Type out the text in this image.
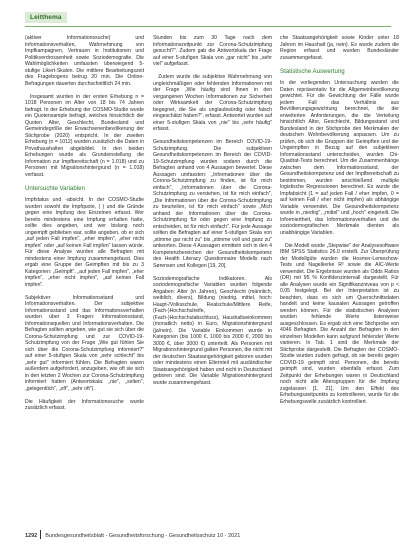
Leitthema

(aktiver Informationssuche) und Informationsverhalten, Wahrnehmung von Impfkampagnen, Vertrauen in Institutionen und Politikverdrossenheit sowie Soziodemografie. Die Wahlmöglichkeiten umfassten überwiegend 5-stufige Likert-Skalen. Die mittlere Bearbeitungszeit des Fragebogens betrug 20 min. Die Online-Befragungen dauerten durchschnittlich 24 min.

Insgesamt wurden in der ersten Erhebung n = 1018 Personen im Alter von 18 bis 74 Jahren befragt. In der Erhebung der COSMO-Studie wurde ein Quotensample befragt, welches hinsichtlich der Quoten Alter, Geschlecht, Bundesland und Gemeindegröße der Erwachsenenbevölkerung der Stichprobe (2020) entspricht. In der zweiten Erhebung (n = 1012) wurden zusätzlich die Daten in Privathaushalten abgebildet. In den beiden Erhebungen wurde als Grundeinstellung die Information zur Impfbereitschaft (n = 1.018) und zu Personen mit Migrationshintergrund (n = 1.018) verfasst.

Untersuchte Variablen

Impfstatus und -absicht. In der COSMO-Studie wurden sowohl die Impfquote, ( ) und die Gründe gegen eine Impfung des Einzelnen erfasst. Wer bereits mindestens eine Impfung erhalten hatte, sollte dies angeben, und wer bislang noch ungeimpft geblieben war, sollte angeben, ob er sich „auf jeden Fall impfen", „eher impfen", „eher nicht impfen" oder „auf keinen Fall impfen" lassen würde. Für diese Analyse wurden alle Befragten mit mindestens einer Impfung zusammengefasst. Dies ergab eine Gruppe der Geimpften mit bis zu 3 Kategorien: „Geimpft", „auf jeden Fall impfen", „eher impfen", „eher nicht impfen", „auf keinen Fall impfen".

Subjektiver Informationsstand und Informationsverhalten. Der subjektive Informationsstand und das Informationsverhalten wurden über 3 Fragen: Informationsstand, Informationsquellen und Informationsverhalten. Die Befragten sollten angeben, wie gut sie sich über die Corona-Schutzimpfung und zur COVID-19-Schutzimpfung von der Frage „Wie gut fühlen Sie sich über die Corona-Schutzimpfung informiert?" auf einer 5-stufigen Skala von „sehr schlecht" bis „sehr gut" informiert fühlen. Die Befragten waren außerdem aufgefordert, anzugeben, wie oft sie sich in den letzten 2 Wochen zur Corona-Schutzimpfung informiert hatten (Antwortskala: „nie", „selten", „gelegentlich", „oft", „sehr oft").

Die Häufigkeit der Informationssuche wurde zusätzlich erfasst.

Stunden bis zum 30 Tage nach dem Informationszeitpunkt zur Corona-Schutzimpfung gesucht?". Zudem gab die Antwortskala der Frage auf einer 5-stufigen Skala von „gar nicht" bis „sehr viel" aufgefasst.

Zudem wurde die subjektive Wahrnehmung von ungleichmäßigen oder fehlenden Informationen mit der Frage „Wie häufig sind Ihnen in den vergangenen Wochen Informationen zur Sicherheit oder Wirksamkeit der Corona-Schutzimpfung begegnet, die Sie als unglaubwürdig oder falsch eingeschätzt haben?", erfasst. Antwortet wurden auf einer 5-stufigen Skala von „nie" bis „sehr häufig" erfasst.

Gesundheitskompetenzen im Bereich COVID-19-Schutzimpfung. Die subjektiven Gesundheitskompetenzen im Bereich der COVID-19-Schutzimpfung wurden sodann durch die Befragten anhand von 4 Aussagen bewertet. Diese Aussagen umfassten: „Informationen über die Corona-Schutzimpfung zu finden, ist für mich einfach", „Informationen über die Corona-Schutzimpfung zu verstehen, ist für mich einfach", „Die Informationen über die Corona-Schutzimpfung zu beurteilen, ist für mich einfach" sowie „Mich anhand der Informationen über die Corona-Schutzimpfung für oder gegen eine Impfung zu entscheiden, ist für mich einfach". Für jede Aussage sollten die Befragten auf einer 5-stufigen Skala von „stimme gar nicht zu" bis „stimme voll und ganz zu" antworten. Diese 4 Aussagen ermitteln sich in den 4 Kompetenzbereichen der Gesundheitskompetenz des Health Literacy Questionnaire Modells nach Sørensen und Kollegen [19, 20].

Soziodemografische Indikatoren. Als soziodemografische Variablen wurden folgende Angaben: Alter (in Jahren), Geschlecht (männlich, weiblich, divers), Bildung (niedrig, mittel, hoch: Haupt-/Volksschule, Realschule/Mittlere Reife, (Fach-)Hochschulreife, (Fach-)Hochschulabschluss), Haushaltseinkommen (monatlich netto) in Euro, Migrationshintergrund (ja/nein). Die Variable Einkommen wurde in Kategorien (bis 1000 €, 1000 bis 2000 €, 2000 bis 3000 €, über 3000 €) unterteilt. Als Personen mit Migrationshintergrund galten Personen, die nicht mit der deutschen Staatsangehörigkeit geboren wurden oder mindestens einen Elternteil mit ausländischer Staatsangehörigkeit haben und nicht in Deutschland geboren sind. Die Variable Migrationshintergrund wurde zusammengefasst.

che Staatsangehörigkeit sowie Kinder unter 18 Jahren im Haushalt (ja, nein). Es wurde zudem die Region erfasst und wurden Bundesländer zusammengefasst.

Statistische Auswertung

In der vorliegenden Untersuchung wurden die Daten repräsentativ für die Allgemeinbevölkerung gewichtet. Für die Gewichtung der Fälle wurde jedem Fall das Verhältnis aus Bevölkerungsgewichtung berechnet, die der erweiterten Anforderungen, die die Verteilung hinsichtlich Alter, Geschlecht, Bildungsstand und Bundesland in der Stichprobe den Merkmalen der deutschen Wohnbevölkerung anpassen. Um zu prüfen, ob sich die Gruppen der Geimpften und der Ungeimpften in Bezug auf den subjektiven Informationsstand unterscheiden, wurden Chi-Quadrat-Tests berechnet. Um die Zusammenhänge zwischen dem Informationsstand, der Gesundheitskompetenz und der Impfbereitschaft zu bestimmen, wurden anschließend multiple logistische Regressionen berechnet. Es wurde die Impfabsicht (1 = auf jeden Fall / eher impfen, 0 = auf keinen Fall / eher nicht impfen) als abhängige Variable verwendet. Die Gesundheitskompetenz wurde in „niedrig", „mittel" und „hoch" eingeteilt. Die Informiertheit, das Informationsverhalten und die soziodemografischen Merkmale dienten als unabhängige Variablen.

Die Modell wurde „Stepwise" der Analysesoftware IBM SPSS Statistics 26.0 erstellt. Zur Überprüfung der Modellgüte wurden die Hosmer-Lemeshow-Tests und Nagelkerke R² sowie die AIC-Werte verwendet. Die Ergebnisse wurden als Odds Ratios (OR) mit 95 % Konfidenzintervall dargestellt. Für alle Analysen wurde ein Signifikanzniveau von p < 0,05 festgelegt. Bei der Interpretation ist zu beachten, dass es sich um Querschnittsdaten handelt und keine kausalen Aussagen getroffen werden können. Für die statistischen Analysen wurden fehlende Werte listenweise ausgeschlossen. Es ergab sich eine Stichprobe von 4046 Befragten. Die Anzahl der Befragten in den einzelnen Modellen kann aufgrund fehlender Werte variieren. In Tab. 1 sind die Merkmale der Stichprobe dargestellt. Die Befragten der COSMO-Studie wurden zudem gefragt, ob sie bereits gegen COVID-19 geimpft sind. Personen, die bereits geimpft sind, wurden ebenfalls erfasst. Zum Zeitpunkt der Erhebungen waren in Deutschland noch nicht alle Altersgruppen für die Impfung zugelassen [1, 21]. Um den Effekt des Erhebungszeitpunkts zu kontrollieren, wurde für die Erhebungswelle zusätzlich kontrolliert.

1292 Bundesgesundheitsblatt - Gesundheitsforschung - Gesundheitsschutz 10 · 2021
